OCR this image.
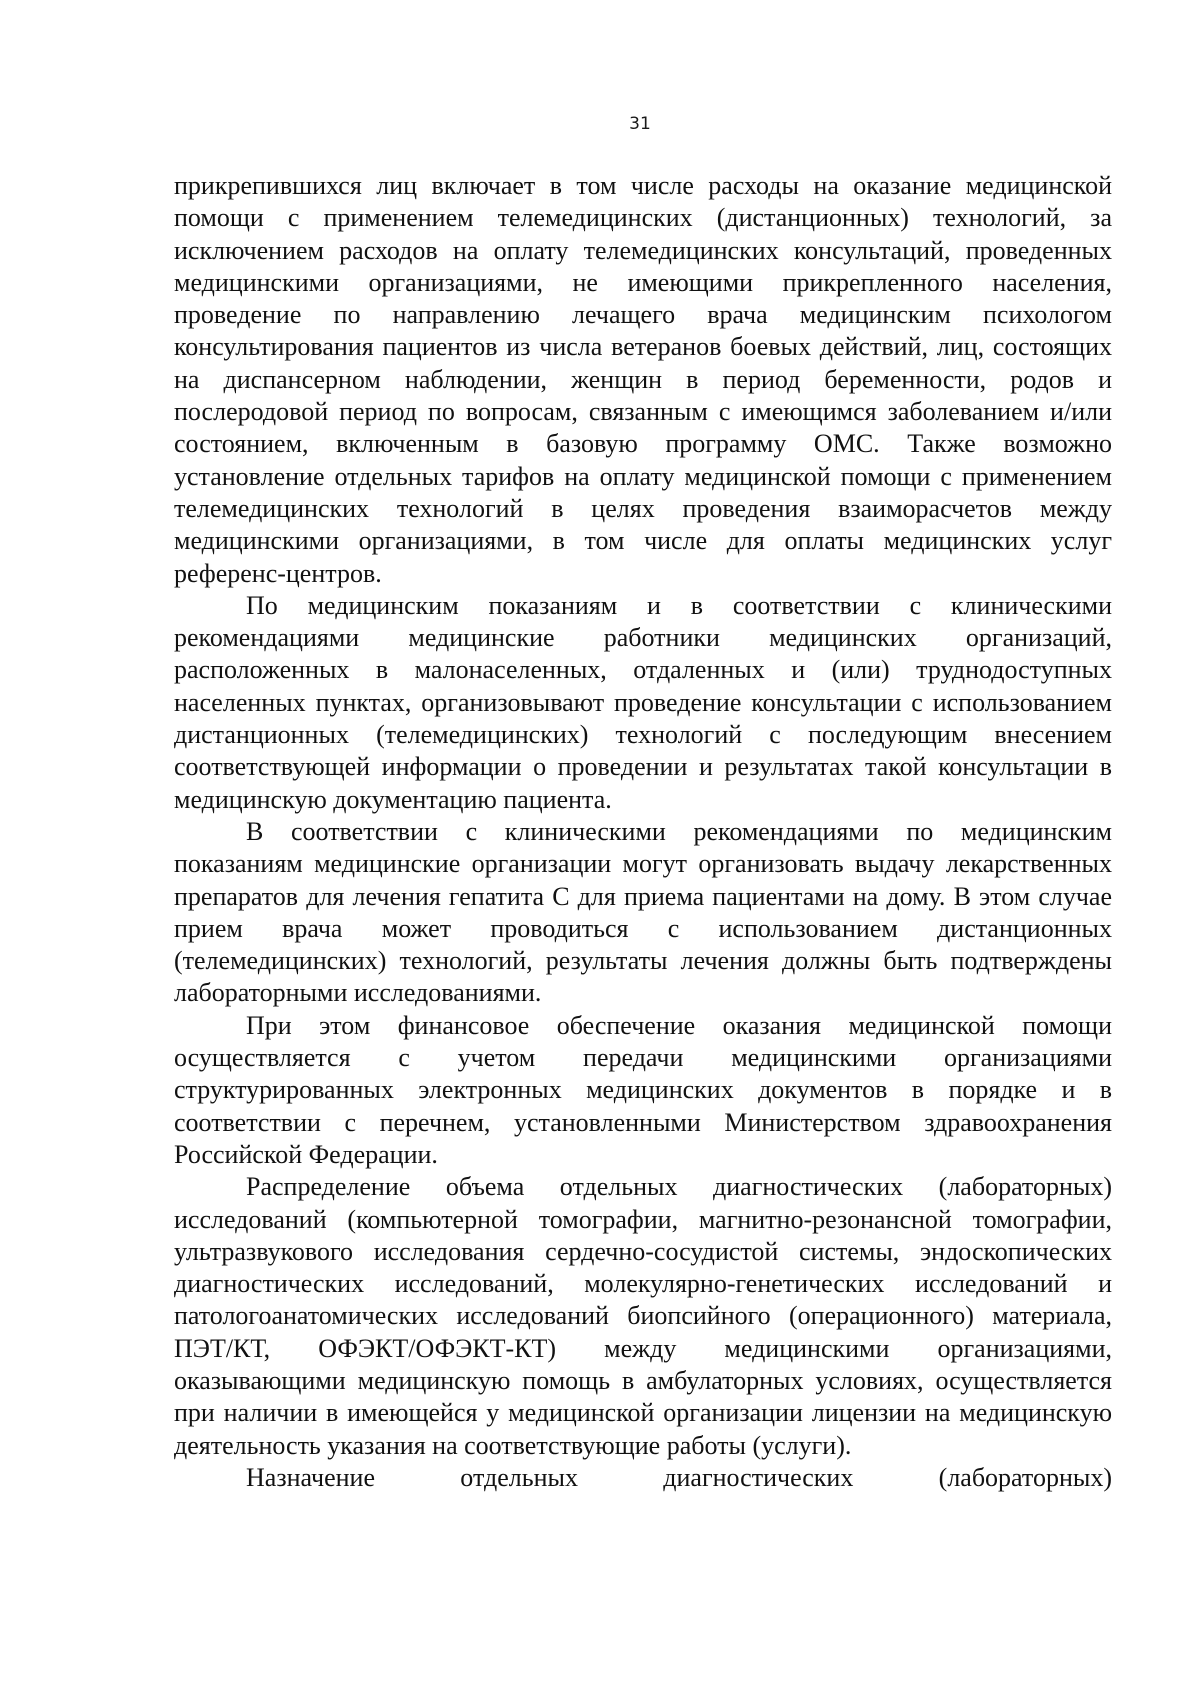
31

прикрепившихся лиц включает в том числе расходы на оказание медицинской помощи с применением телемедицинских (дистанционных) технологий, за исключением расходов на оплату телемедицинских консультаций, проведенных медицинскими организациями, не имеющими прикрепленного населения, проведение по направлению лечащего врача медицинским психологом консультирования пациентов из числа ветеранов боевых действий, лиц, состоящих на диспансерном наблюдении, женщин в период беременности, родов и послеродовой период по вопросам, связанным с имеющимся заболеванием и/или состоянием, включенным в базовую программу ОМС. Также возможно установление отдельных тарифов на оплату медицинской помощи с применением телемедицинских технологий в целях проведения взаиморасчетов между медицинскими организациями, в том числе для оплаты медицинских услуг референс-центров.

По медицинским показаниям и в соответствии с клиническими рекомендациями медицинские работники медицинских организаций, расположенных в малонаселенных, отдаленных и (или) труднодоступных населенных пунктах, организовывают проведение консультации с использованием дистанционных (телемедицинских) технологий с последующим внесением соответствующей информации о проведении и результатах такой консультации в медицинскую документацию пациента.

В соответствии с клиническими рекомендациями по медицинским показаниям медицинские организации могут организовать выдачу лекарственных препаратов для лечения гепатита С для приема пациентами на дому. В этом случае прием врача может проводиться с использованием дистанционных (телемедицинских) технологий, результаты лечения должны быть подтверждены лабораторными исследованиями.

При этом финансовое обеспечение оказания медицинской помощи осуществляется с учетом передачи медицинскими организациями структурированных электронных медицинских документов в порядке и в соответствии с перечнем, установленными Министерством здравоохранения Российской Федерации.

Распределение объема отдельных диагностических (лабораторных) исследований (компьютерной томографии, магнитно-резонансной томографии, ультразвукового исследования сердечно-сосудистой системы, эндоскопических диагностических исследований, молекулярно-генетических исследований и патологоанатомических исследований биопсийного (операционного) материала, ПЭТ/КТ, ОФЭКТ/ОФЭКТ-КТ) между медицинскими организациями, оказывающими медицинскую помощь в амбулаторных условиях, осуществляется при наличии в имеющейся у медицинской организации лицензии на медицинскую деятельность указания на соответствующие работы (услуги).

Назначение отдельных диагностических (лабораторных)
